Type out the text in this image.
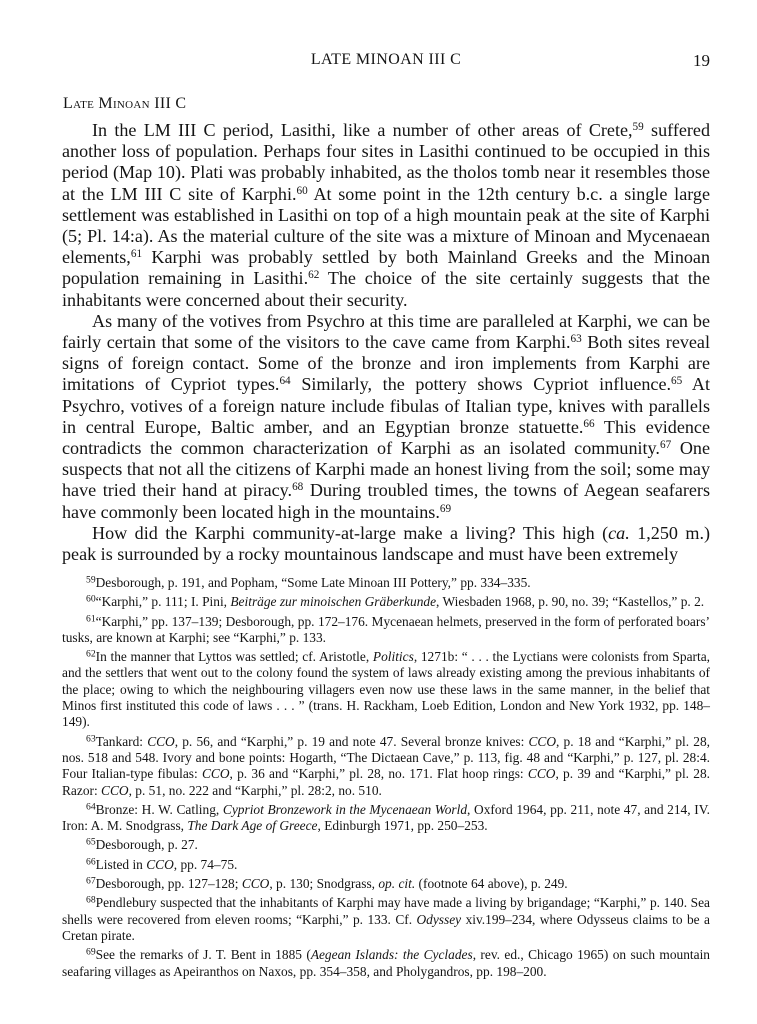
LATE MINOAN III C	19
Late Minoan III C

In the LM III C period, Lasithi, like a number of other areas of Crete,$^{59}$ suffered another loss of population. Perhaps four sites in Lasithi continued to be occupied in this period (Map 10). Plati was probably inhabited, as the tholos tomb near it resembles those at the LM III C site of Karphi.$^{60}$ At some point in the 12th century b.c. a single large settlement was established in Lasithi on top of a high mountain peak at the site of Karphi (5; Pl. 14:a). As the material culture of the site was a mixture of Minoan and Mycenaean elements,$^{61}$ Karphi was probably settled by both Mainland Greeks and the Minoan population remaining in Lasithi.$^{62}$ The choice of the site certainly suggests that the inhabitants were concerned about their security.

As many of the votives from Psychro at this time are paralleled at Karphi, we can be fairly certain that some of the visitors to the cave came from Karphi.$^{63}$ Both sites reveal signs of foreign contact. Some of the bronze and iron implements from Karphi are imitations of Cypriot types.$^{64}$ Similarly, the pottery shows Cypriot influence.$^{65}$ At Psychro, votives of a foreign nature include fibulas of Italian type, knives with parallels in central Europe, Baltic amber, and an Egyptian bronze statuette.$^{66}$ This evidence contradicts the common characterization of Karphi as an isolated community.$^{67}$ One suspects that not all the citizens of Karphi made an honest living from the soil; some may have tried their hand at piracy.$^{68}$ During troubled times, the towns of Aegean seafarers have commonly been located high in the mountains.$^{69}$

How did the Karphi community-at-large make a living? This high (ca. 1,250 m.) peak is surrounded by a rocky mountainous landscape and must have been extremely

$^{59}$Desborough, p. 191, and Popham, “Some Late Minoan III Pottery,” pp. 334–335.

$^{60}$“Karphi,” p. 111; I. Pini, Beiträge zur minoischen Gräberkunde, Wiesbaden 1968, p. 90, no. 39; “Kastellos,” p. 2.

$^{61}$“Karphi,” pp. 137–139; Desborough, pp. 172–176. Mycenaean helmets, preserved in the form of perforated boars’ tusks, are known at Karphi; see “Karphi,” p. 133.

$^{62}$In the manner that Lyttos was settled; cf. Aristotle, Politics, 1271b: “ . . . the Lyctians were colonists from Sparta, and the settlers that went out to the colony found the system of laws already existing among the previous inhabitants of the place; owing to which the neighbouring villagers even now use these laws in the same manner, in the belief that Minos first instituted this code of laws . . . ” (trans. H. Rackham, Loeb Edition, London and New York 1932, pp. 148–149).

$^{63}$Tankard: CCO, p. 56, and “Karphi,” p. 19 and note 47. Several bronze knives: CCO, p. 18 and “Karphi,” pl. 28, nos. 518 and 548. Ivory and bone points: Hogarth, “The Dictaean Cave,” p. 113, fig. 48 and “Karphi,” p. 127, pl. 28:4. Four Italian-type fibulas: CCO, p. 36 and “Karphi,” pl. 28, no. 171. Flat hoop rings: CCO, p. 39 and “Karphi,” pl. 28. Razor: CCO, p. 51, no. 222 and “Karphi,” pl. 28:2, no. 510.

$^{64}$Bronze: H. W. Catling, Cypriot Bronzework in the Mycenaean World, Oxford 1964, pp. 211, note 47, and 214, IV. Iron: A. M. Snodgrass, The Dark Age of Greece, Edinburgh 1971, pp. 250–253.

$^{65}$Desborough, p. 27.

$^{66}$Listed in CCO, pp. 74–75.

$^{67}$Desborough, pp. 127–128; CCO, p. 130; Snodgrass, op. cit. (footnote 64 above), p. 249.

$^{68}$Pendlebury suspected that the inhabitants of Karphi may have made a living by brigandage; “Karphi,” p. 140. Sea shells were recovered from eleven rooms; “Karphi,” p. 133. Cf. Odyssey xiv.199–234, where Odysseus claims to be a Cretan pirate.

$^{69}$See the remarks of J. T. Bent in 1885 (Aegean Islands: the Cyclades, rev. ed., Chicago 1965) on such mountain seafaring villages as Apeiranthos on Naxos, pp. 354–358, and Pholygandros, pp. 198–200.
